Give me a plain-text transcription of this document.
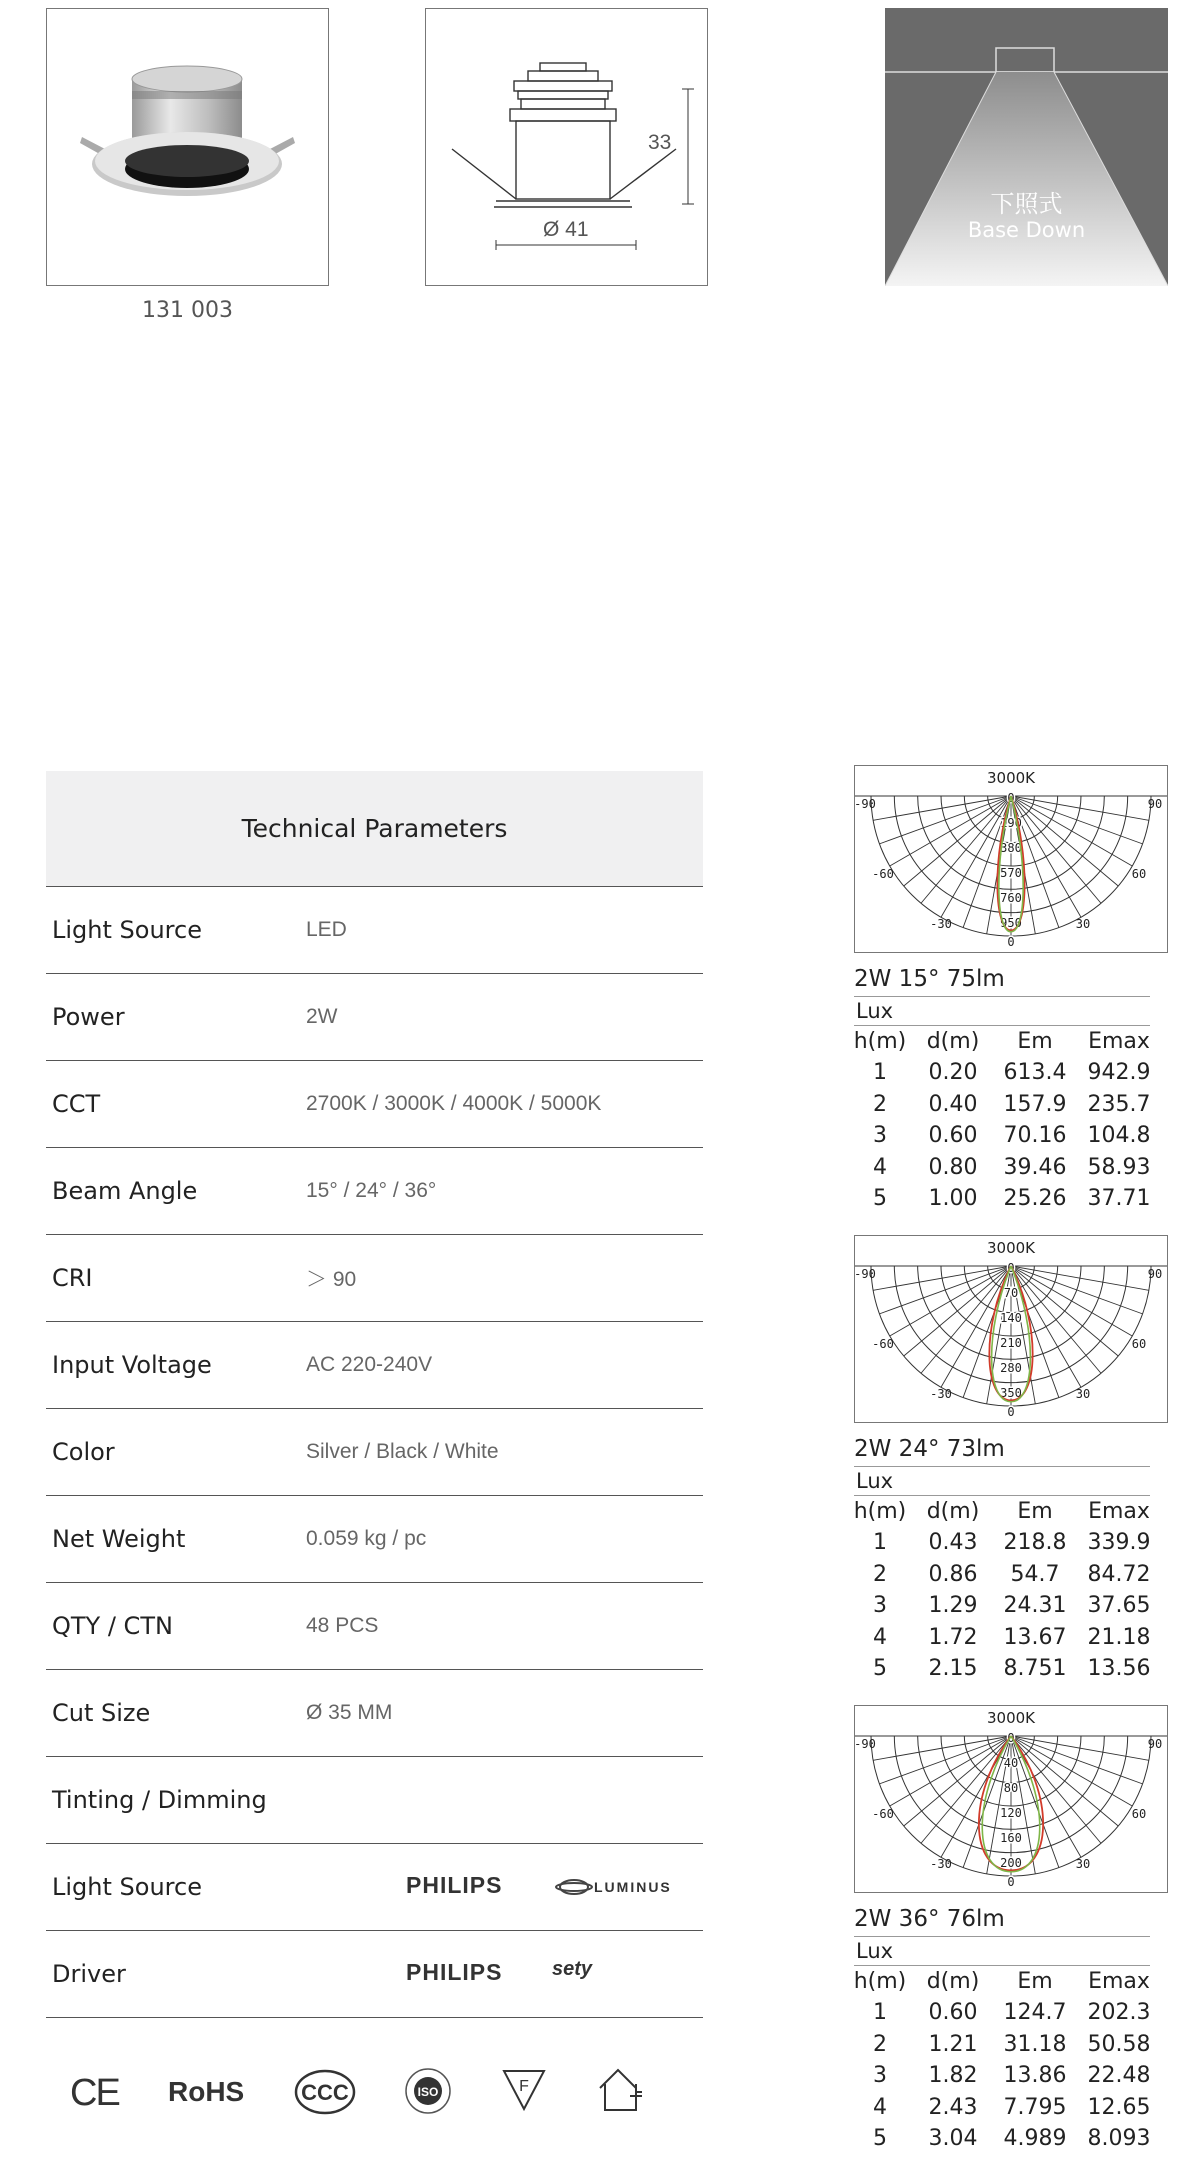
131 003
33
Ø 41
下照式
Base Down
Technical Parameters
Light Source	LED
Power	2W
CCT	2700K / 3000K / 4000K / 5000K
Beam Angle	15° / 24° / 36°
CRI	＞ 90
Input Voltage	AC 220-240V
Color	Silver / Black / White
Net Weight	0.059 kg / pc
QTY / CTN	48 PCS
Cut Size	Ø 35 MM
Tinting / Dimming
Light Source	PHILIPS	LUMINUS
Driver	PHILIPS sety
CE RoHS	CCC	ISO	F
3000K
-90	90
-60	60
-30	30
0
190
380
570
760
950
0
2W 15° 75lm
Lux
h(m) d(m)	Em	Emax
1	0.20	613.4 942.9
2	0.40	157.9 235.7
3	0.60	70.16 104.8
4	0.80	39.46 58.93
5	1.00	25.26 37.71
3000K
-90	90
-60	60
-30	30
0
70
140
210
280
350
0
2W 24° 73lm
Lux
h(m) d(m)	Em	Emax
1	0.43	218.8 339.9
2	0.86	54.7	84.72
3	1.29	24.31 37.65
4	1.72	13.67 21.18
5	2.15	8.751 13.56
3000K
-90	90
-60	60
-30	30
0
40
80
120
160
200
0
2W 36° 76lm
Lux
h(m) d(m)	Em	Emax
1	0.60	124.7 202.3
2	1.21	31.18 50.58
3	1.82	13.86 22.48
4	2.43	7.795 12.65
5	3.04	4.989 8.093
